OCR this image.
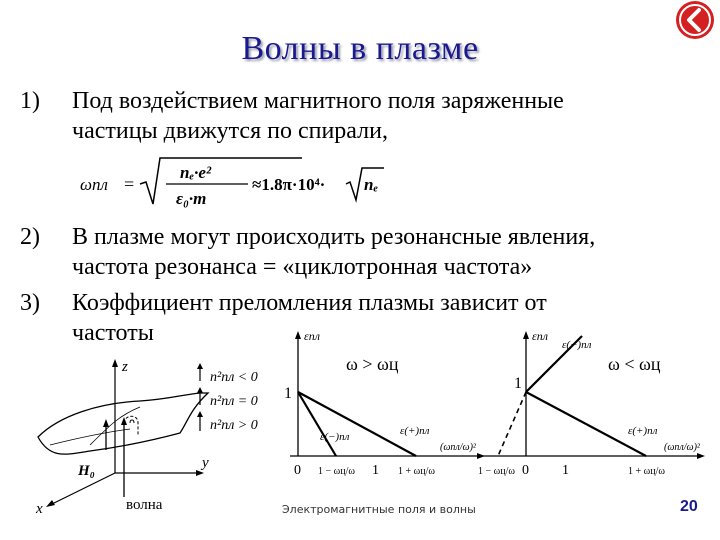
Волны в плазме
1)	Под воздействием магнитного поля заряженные
частицы движутся по спирали,
ωпл =
nₑ·e²
ε₀·m
≈1.8π·10⁴· nₑ
2)	В плазме могут происходить резонансные явления,
частота резонанса = «циклотронная частота»
3)	Коэффициент преломления плазмы зависит от
частоты
z
y
x
H₀
волна
n²пл < 0
n²пл = 0
n²пл > 0
εпл
ω > ωц
1
0 1 − ωц/ω 1 1 + ωц/ω
ε(−)пл	ε(+)пл
(ωпл/ω)²
εпл
ω < ωц
1
0
1 − ωц/ω	1	1 + ωц/ω
ε(−)пл
ε(+)пл
(ωпл/ω)²
Электромагнитные поля и волны	20
